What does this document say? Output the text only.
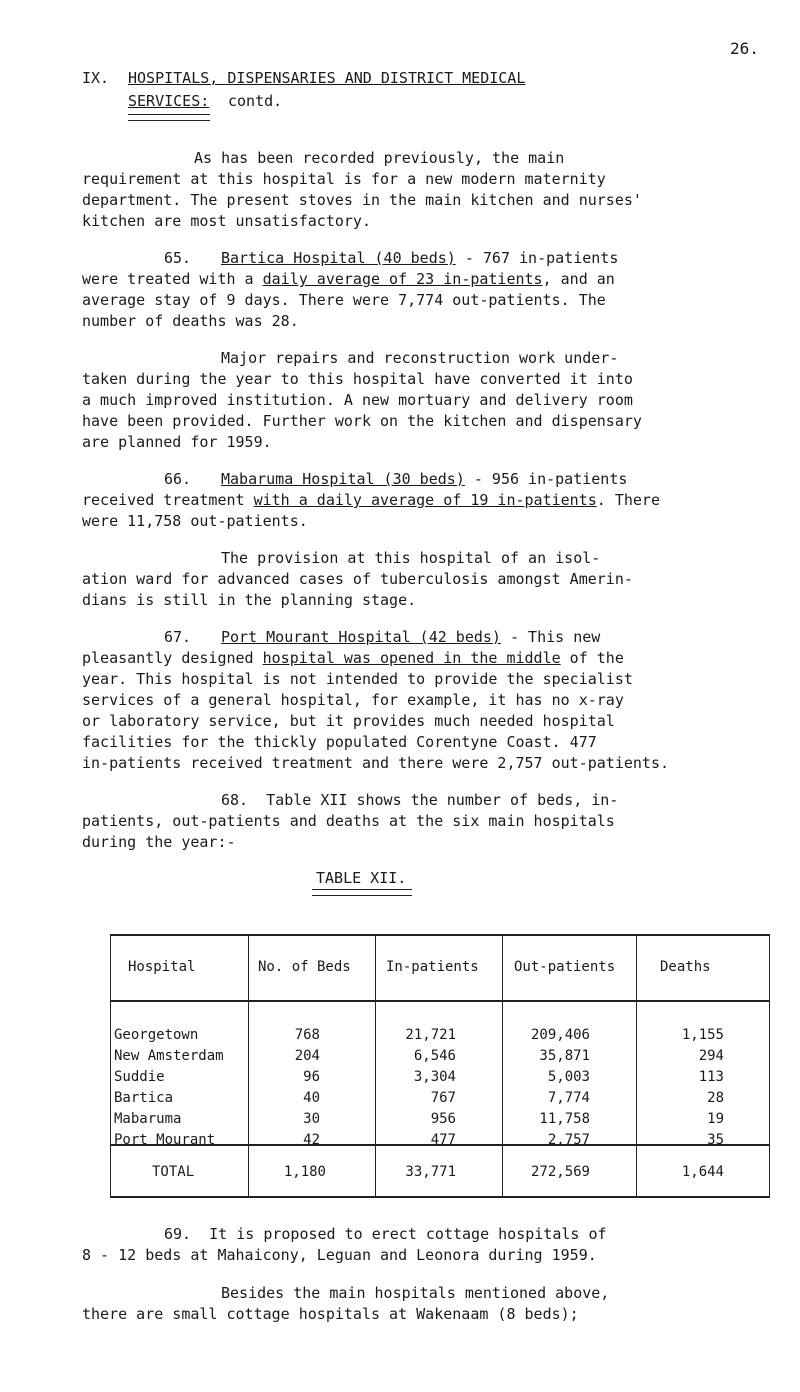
26.
IX. HOSPITALS, DISPENSARIES AND DISTRICT MEDICAL
SERVICES: contd.
As has been recorded previously, the main
requirement at this hospital is for a new modern maternity
department. The present stoves in the main kitchen and nurses'
kitchen are most unsatisfactory.
65. Bartica Hospital (40 beds) - 767 in-patients
were treated with a daily average of 23 in-patients, and an
average stay of 9 days. There were 7,774 out-patients. The
number of deaths was 28.
Major repairs and reconstruction work under-
taken during the year to this hospital have converted it into
a much improved institution. A new mortuary and delivery room
have been provided. Further work on the kitchen and dispensary
are planned for 1959.
66. Mabaruma Hospital (30 beds) - 956 in-patients
received treatment with a daily average of 19 in-patients. There
were 11,758 out-patients.
The provision at this hospital of an isol-
ation ward for advanced cases of tuberculosis amongst Amerin-
dians is still in the planning stage.
67. Port Mourant Hospital (42 beds) - This new
pleasantly designed hospital was opened in the middle of the
year. This hospital is not intended to provide the specialist
services of a general hospital, for example, it has no x-ray
or laboratory service, but it provides much needed hospital
facilities for the thickly populated Corentyne Coast. 477
in-patients received treatment and there were 2,757 out-patients.
68.  Table XII shows the number of beds, in-
patients, out-patients and deaths at the six main hospitals
during the year:-
TABLE XII.
Hospital	No. of Beds	In-patients	Out-patients	Deaths
Georgetown	768	21,721	209,406	1,155
New Amsterdam	204	6,546	35,871	294
Suddie	96	3,304	5,003	113
Bartica	40	767	7,774	28
Mabaruma	30	956	11,758	19
Port Mourant	42	477	2,757	35
TOTAL	1,180	33,771	272,569	1,644
69.  It is proposed to erect cottage hospitals of
8 - 12 beds at Mahaicony, Leguan and Leonora during 1959.
Besides the main hospitals mentioned above,
there are small cottage hospitals at Wakenaam (8 beds);
